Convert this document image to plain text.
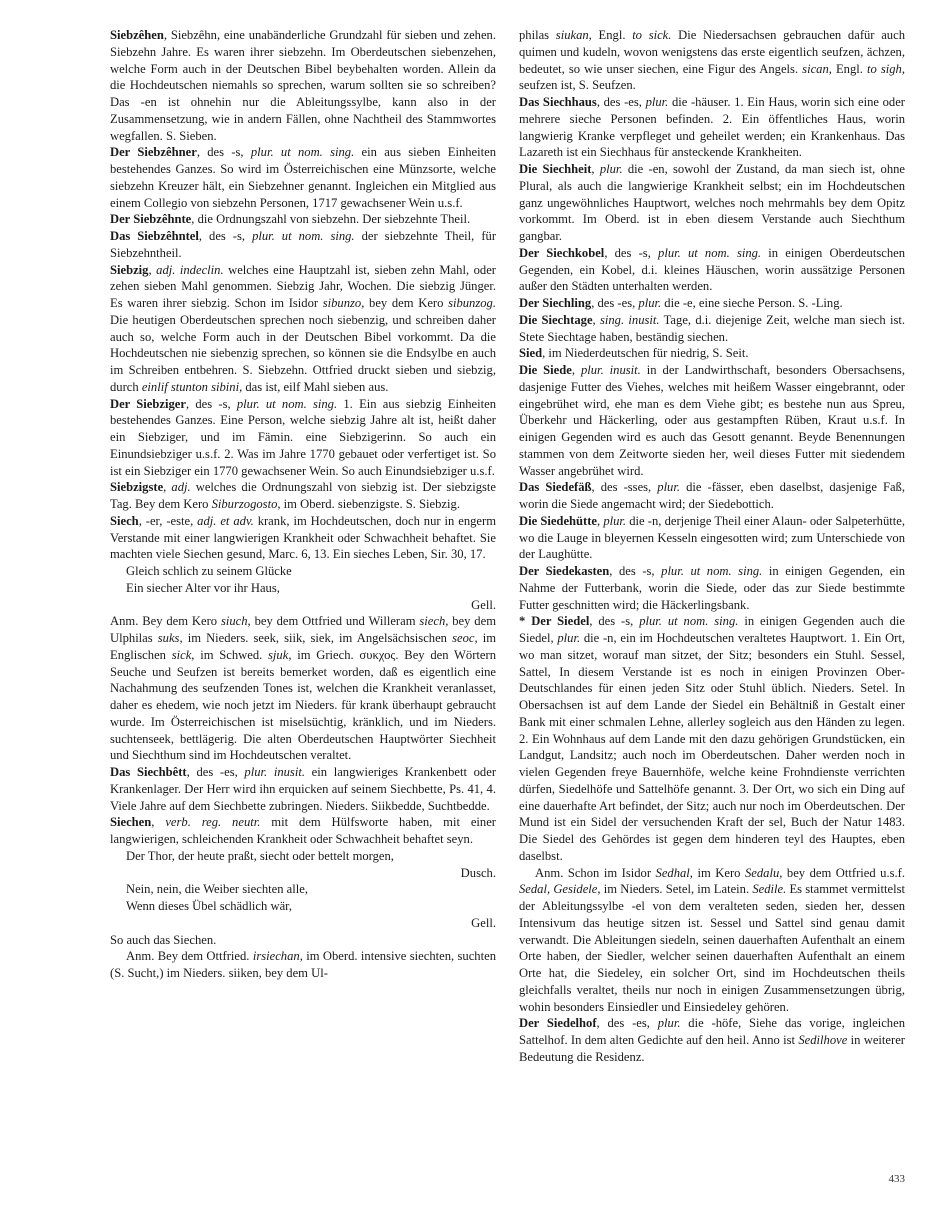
Siebzêhen, Siebzêhn, eine unabänderliche Grundzahl für sieben und zehen. Siebzehn Jahre. Es waren ihrer siebzehn. Im Oberdeutschen siebenzehen, welche Form auch in der Deutschen Bibel beybehalten worden. Allein da die Hochdeutschen niemahls so sprechen, warum sollten sie so schreiben? Das -en ist ohnehin nur die Ableitungssylbe, kann also in der Zusammensetzung, wie in andern Fällen, ohne Nachtheil des Stammwortes wegfallen. S. Sieben.

Der Siebzêhner, des -s, plur. ut nom. sing. ein aus sieben Einheiten bestehendes Ganzes. So wird im Österreichischen eine Münzsorte, welche siebzehn Kreuzer hält, ein Siebzehner genannt. Ingleichen ein Mitglied aus einem Collegio von siebzehn Personen, 1717 gewachsener Wein u.s.f.

Der Siebzêhnte, die Ordnungszahl von siebzehn. Der siebzehnte Theil.

Das Siebzêhntel, des -s, plur. ut nom. sing. der siebzehnte Theil, für Siebzehntheil.

Siebzig, adj. indeclin. welches eine Hauptzahl ist, sieben zehn Mahl, oder zehen sieben Mahl genommen. Siebzig Jahr, Wochen. Die siebzig Jünger. Es waren ihrer siebzig. Schon im Isidor sibunzo, bey dem Kero sibunzog. Die heutigen Oberdeutschen sprechen noch siebenzig, und schreiben daher auch so, welche Form auch in der Deutschen Bibel vorkommt. Da die Hochdeutschen nie siebenzig sprechen, so können sie die Endsylbe en auch im Schreiben entbehren. S. Siebzehn. Ottfried druckt sieben und siebzig, durch einlif stunton sibini, das ist, eilf Mahl sieben aus.

Der Siebziger, des -s, plur. ut nom. sing. 1. Ein aus siebzig Einheiten bestehendes Ganzes. Eine Person, welche siebzig Jahre alt ist, heißt daher ein Siebziger, und im Fämin. eine Siebzigerinn. So auch ein Einundsiebziger u.s.f. 2. Was im Jahre 1770 gebauet oder verfertiget ist. So ist ein Siebziger ein 1770 gewachsener Wein. So auch Einundsiebziger u.s.f.

Siebzigste, adj. welches die Ordnungszahl von siebzig ist. Der siebzigste Tag. Bey dem Kero Siburzogosto, im Oberd. siebenzigste. S. Siebzig.

Siech, -er, -este, adj. et adv. krank, im Hochdeutschen, doch nur in engerm Verstande mit einer langwierigen Krankheit oder Schwachheit behaftet. Sie machten viele Siechen gesund, Marc. 6, 13. Ein sieches Leben, Sir. 30, 17.

Gleich schlich zu seinem Glücke

Ein siecher Alter vor ihr Haus,

Gell.

Anm. Bey dem Kero siuch, bey dem Ottfried und Willeram siech, bey dem Ulphilas suks, im Nieders. seek, siik, siek, im Angelsächsischen seoc, im Englischen sick, im Schwed. sjuk, im Griech. συκχος. Bey den Wörtern Seuche und Seufzen ist bereits bemerket worden, daß es eigentlich eine Nachahmung des seufzenden Tones ist, welchen die Krankheit veranlasset, daher es ehedem, wie noch jetzt im Nieders. für krank überhaupt gebraucht wurde. Im Österreichischen ist miselsüchtig, kränklich, und im Nieders. suchtenseek, bettlägerig. Die alten Oberdeutschen Hauptwörter Siechheit und Siechthum sind im Hochdeutschen veraltet.

Das Siechbêtt, des -es, plur. inusit. ein langwieriges Krankenbett oder Krankenlager. Der Herr wird ihn erquicken auf seinem Siechbette, Ps. 41, 4. Viele Jahre auf dem Siechbette zubringen. Nieders. Siikbedde, Suchtbedde.

Siechen, verb. reg. neutr. mit dem Hülfsworte haben, mit einer langwierigen, schleichenden Krankheit oder Schwachheit behaftet seyn.

Der Thor, der heute praßt, siecht oder bettelt morgen,

Dusch.

Nein, nein, die Weiber siechten alle,

Wenn dieses Übel schädlich wär,

Gell.

So auch das Siechen.

Anm. Bey dem Ottfried. irsiechan, im Oberd. intensive siechten, suchten (S. Sucht,) im Nieders. siiken, bey dem Ul-

philas siukan, Engl. to sick. Die Niedersachsen gebrauchen dafür auch quimen und kudeln, wovon wenigstens das erste eigentlich seufzen, ächzen, bedeutet, so wie unser siechen, eine Figur des Angels. sican, Engl. to sigh, seufzen ist, S. Seufzen.

Das Siechhaus, des -es, plur. die -häuser. 1. Ein Haus, worin sich eine oder mehrere sieche Personen befinden. 2. Ein öffentliches Haus, worin langwierig Kranke verpfleget und geheilet werden; ein Krankenhaus. Das Lazareth ist ein Siechhaus für ansteckende Krankheiten.

Die Siechheit, plur. die -en, sowohl der Zustand, da man siech ist, ohne Plural, als auch die langwierige Krankheit selbst; ein im Hochdeutschen ganz ungewöhnliches Hauptwort, welches noch mehrmahls bey dem Opitz vorkommt. Im Oberd. ist in eben diesem Verstande auch Siechthum gangbar.

Der Siechkobel, des -s, plur. ut nom. sing. in einigen Oberdeutschen Gegenden, ein Kobel, d.i. kleines Häuschen, worin aussätzige Personen außer den Städten unterhalten werden.

Der Siechling, des -es, plur. die -e, eine sieche Person. S. -Ling.

Die Siechtage, sing. inusit. Tage, d.i. diejenige Zeit, welche man siech ist. Stete Siechtage haben, beständig siechen.

Sied, im Niederdeutschen für niedrig, S. Seit.

Die Siede, plur. inusit. in der Landwirthschaft, besonders Obersachsens, dasjenige Futter des Viehes, welches mit heißem Wasser eingebrannt, oder eingebrühet wird, ehe man es dem Viehe gibt; es bestehe nun aus Spreu, Überkehr und Häckerling, oder aus gestampften Rüben, Kraut u.s.f. In einigen Gegenden wird es auch das Gesott genannt. Beyde Benennungen stammen von dem Zeitworte sieden her, weil dieses Futter mit siedendem Wasser angebrühet wird.

Das Siedefäß, des -sses, plur. die -fässer, eben daselbst, dasjenige Faß, worin die Siede angemacht wird; der Siedebottich.

Die Siedehütte, plur. die -n, derjenige Theil einer Alaun- oder Salpeterhütte, wo die Lauge in bleyernen Kesseln eingesotten wird; zum Unterschiede von der Laughütte.

Der Siedekasten, des -s, plur. ut nom. sing. in einigen Gegenden, ein Nahme der Futterbank, worin die Siede, oder das zur Siede bestimmte Futter geschnitten wird; die Häckerlingsbank.

* Der Siedel, des -s, plur. ut nom. sing. in einigen Gegenden auch die Siedel, plur. die -n, ein im Hochdeutschen veraltetes Hauptwort. 1. Ein Ort, wo man sitzet, worauf man sitzet, der Sitz; besonders ein Stuhl. Sessel, Sattel, In diesem Verstande ist es noch in einigen Provinzen Ober-Deutschlandes für einen jeden Sitz oder Stuhl üblich. Nieders. Setel. In Obersachsen ist auf dem Lande der Siedel ein Behältniß in Gestalt einer Bank mit einer schmalen Lehne, allerley sogleich aus den Händen zu legen. 2. Ein Wohnhaus auf dem Lande mit den dazu gehörigen Grundstücken, ein Landgut, Landsitz; auch noch im Oberdeutschen. Daher werden noch in vielen Gegenden freye Bauernhöfe, welche keine Frohndienste verrichten dürfen, Siedelhöfe und Sattelhöfe genannt. 3. Der Ort, wo sich ein Ding auf eine dauerhafte Art befindet, der Sitz; auch nur noch im Oberdeutschen. Der Mund ist ein Sidel der versuchenden Kraft der sel, Buch der Natur 1483. Die Siedel des Gehördes ist gegen dem hinderen teyl des Hauptes, eben daselbst.

Anm. Schon im Isidor Sedhal, im Kero Sedalu, bey dem Ottfried u.s.f. Sedal, Gesidele, im Nieders. Setel, im Latein. Sedile. Es stammet vermittelst der Ableitungssylbe -el von dem veralteten seden, sieden her, dessen Intensivum das heutige sitzen ist. Sessel und Sattel sind genau damit verwandt. Die Ableitungen siedeln, seinen dauerhaften Aufenthalt an einem Orte haben, der Siedler, welcher seinen dauerhaften Aufenthalt an einem Orte hat, die Siedeley, ein solcher Ort, sind im Hochdeutschen theils gleichfalls veraltet, theils nur noch in einigen Zusammensetzungen übrig, wohin besonders Einsiedler und Einsiedeley gehören.

Der Siedelhof, des -es, plur. die -höfe, Siehe das vorige, ingleichen Sattelhof. In dem alten Gedichte auf den heil. Anno ist Sedilhove in weiterer Bedeutung die Residenz.

433
